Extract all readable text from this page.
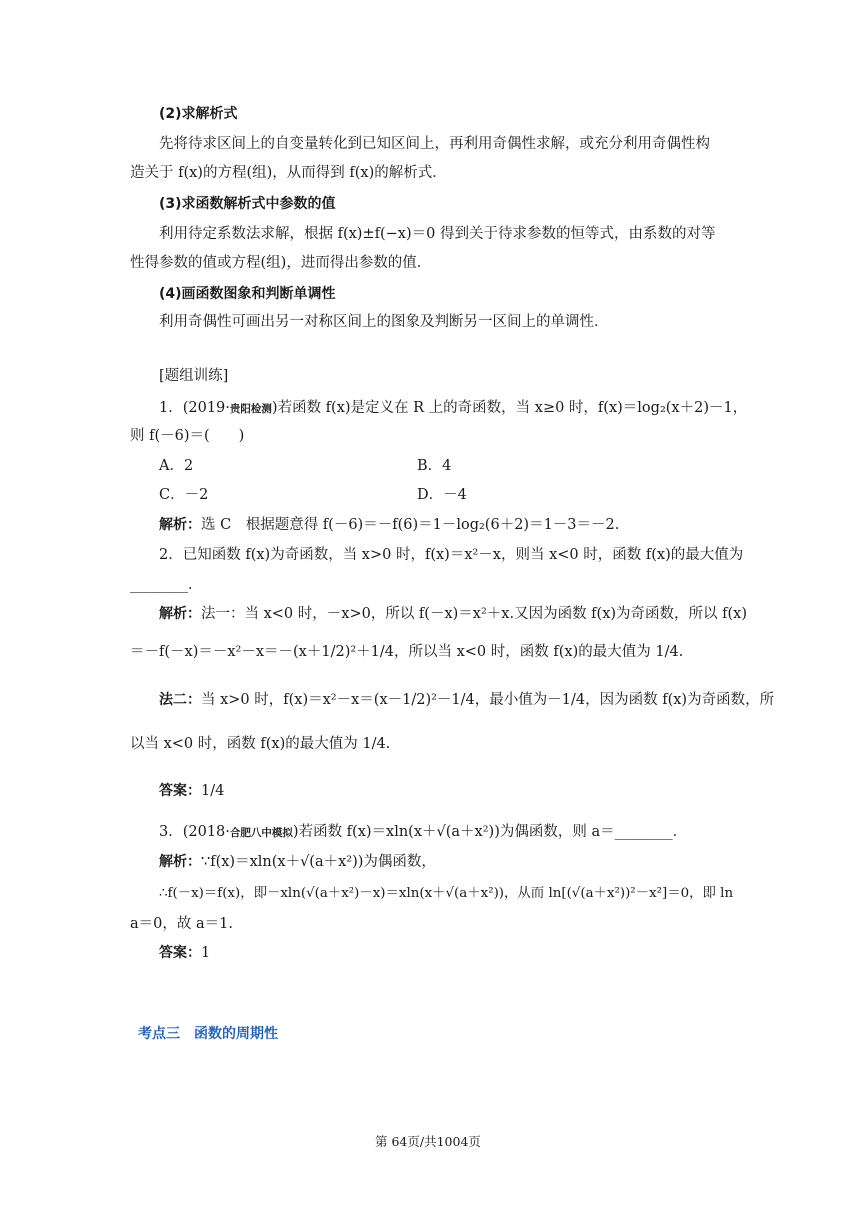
(2)求解析式
先将待求区间上的自变量转化到已知区间上，再利用奇偶性求解，或充分利用奇偶性构
造关于 f(x)的方程(组)，从而得到 f(x)的解析式．
(3)求函数解析式中参数的值
利用待定系数法求解，根据 f(x)±f(−x)＝0 得到关于待求参数的恒等式，由系数的对等
性得参数的值或方程(组)，进而得出参数的值．
(4)画函数图象和判断单调性
利用奇偶性可画出另一对称区间上的图象及判断另一区间上的单调性．
[题组训练]
1．(2019·贵阳检测)若函数 f(x)是定义在 R 上的奇函数，当 x≥0 时，f(x)＝log₂(x＋2)－1，
则 f(－6)＝(　　)
A．2	B．4
C．－2	D．－4
解析：选 C　根据题意得 f(－6)＝－f(6)＝1－log₂(6＋2)＝1－3＝－2.
2．已知函数 f(x)为奇函数，当 x>0 时，f(x)＝x²－x，则当 x<0 时，函数 f(x)的最大值为
________．
解析：法一：当 x<0 时，－x>0，所以 f(－x)＝x²＋x.又因为函数 f(x)为奇函数，所以 f(x)
＝－f(－x)＝－x²－x＝－(x＋1/2)²＋1/4，所以当 x<0 时，函数 f(x)的最大值为 1/4.
法二：当 x>0 时，f(x)＝x²－x＝(x－1/2)²－1/4，最小值为－1/4，因为函数 f(x)为奇函数，所
以当 x<0 时，函数 f(x)的最大值为 1/4.
答案：1/4
3．(2018·合肥八中模拟)若函数 f(x)＝xln(x＋√(a＋x²))为偶函数，则 a＝________．
解析：∵f(x)＝xln(x＋√(a＋x²))为偶函数，
∴f(－x)＝f(x)，即－xln(√(a＋x²)－x)＝xln(x＋√(a＋x²))，从而 ln[(√(a＋x²))²－x²]＝0，即 ln
a＝0，故 a＝1.
答案：1
考点三　函数的周期性
第 64页/共1004页
